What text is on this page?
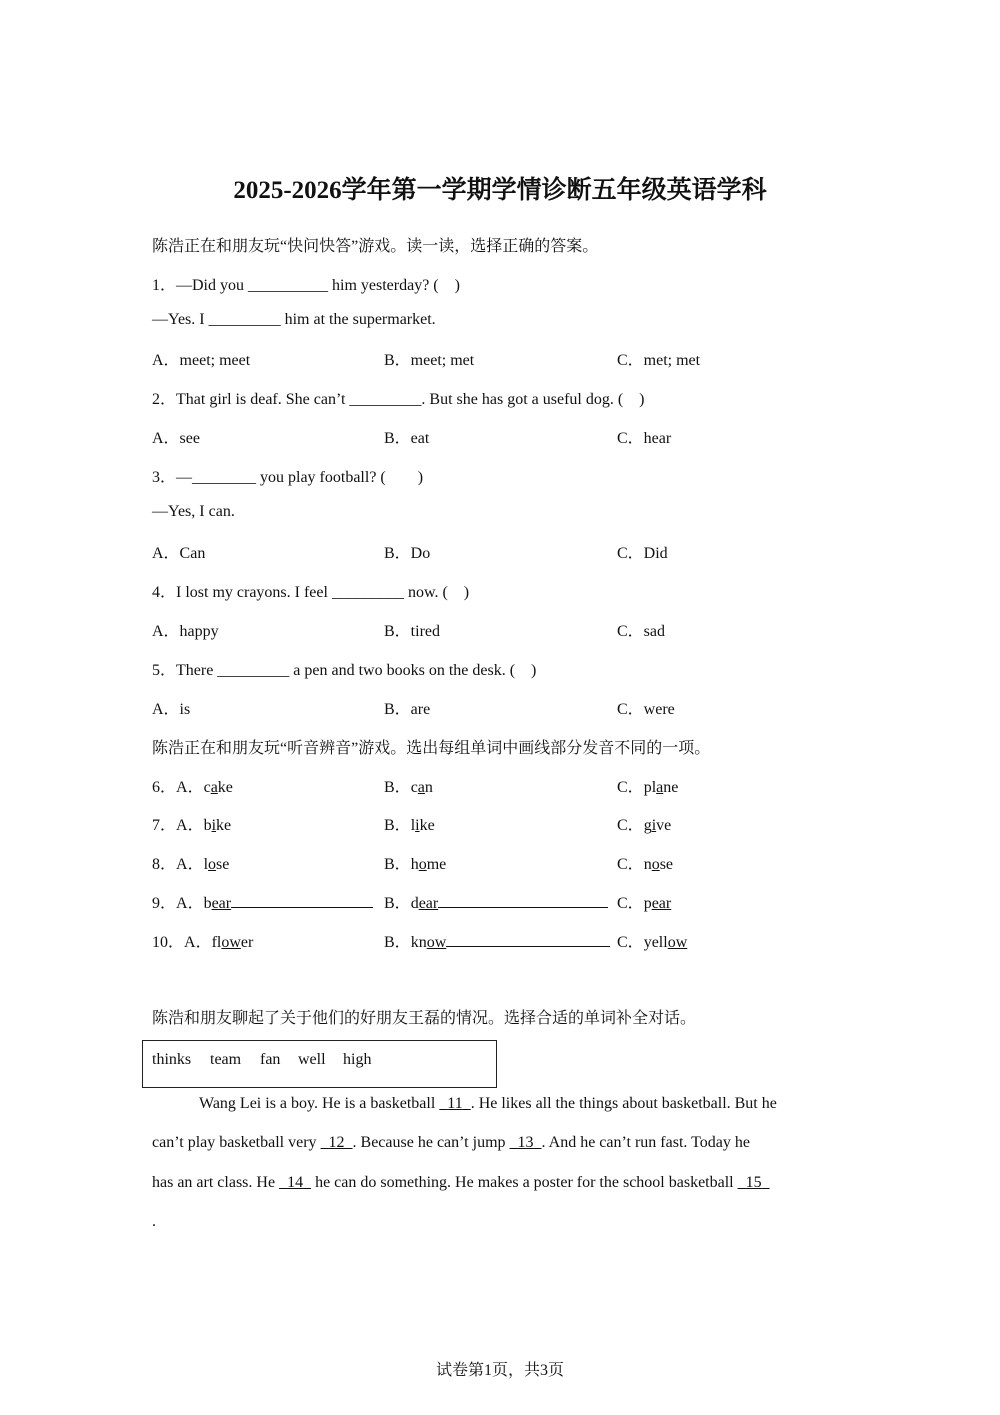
2025-2026学年第一学期学情诊断五年级英语学科
陈浩正在和朋友玩“快问快答”游戏。读一读，选择正确的答案。
1．—Did you __________ him yesterday? (　)
—Yes. I _________ him at the supermarket.
A．meet; meet	B．meet; met	C．met; met
2．That girl is deaf. She can’t _________. But she has got a useful dog. (　)
A．see	B．eat	C．hear
3．—________ you play football? (　　)
—Yes, I can.
A．Can	B．Do	C．Did
4．I lost my crayons. I feel _________ now. (　)
A．happy	B．tired	C．sad
5．There _________ a pen and two books on the desk. (　)
A．is	B．are	C．were
陈浩正在和朋友玩“听音辨音”游戏。选出每组单词中画线部分发音不同的一项。
6．A．cake	B．can	C．plane
7．A．bike	B．like	C．give
8．A．lose	B．home	C．nose
9．A．bear	B．dear	C．pear
10．A．flower	B．know	C．yellow
陈浩和朋友聊起了关于他们的好朋友王磊的情况。选择合适的单词补全对话。
thinks team fan well high
Wang Lei is a boy. He is a basketball   11 . He likes all the things about basketball. But he
can’t play basketball very   12 . Because he can’t jump   13 . And he can’t run fast. Today he
has an art class. He   14   he can do something. He makes a poster for the school basketball   15
.
试卷第1页，共3页
